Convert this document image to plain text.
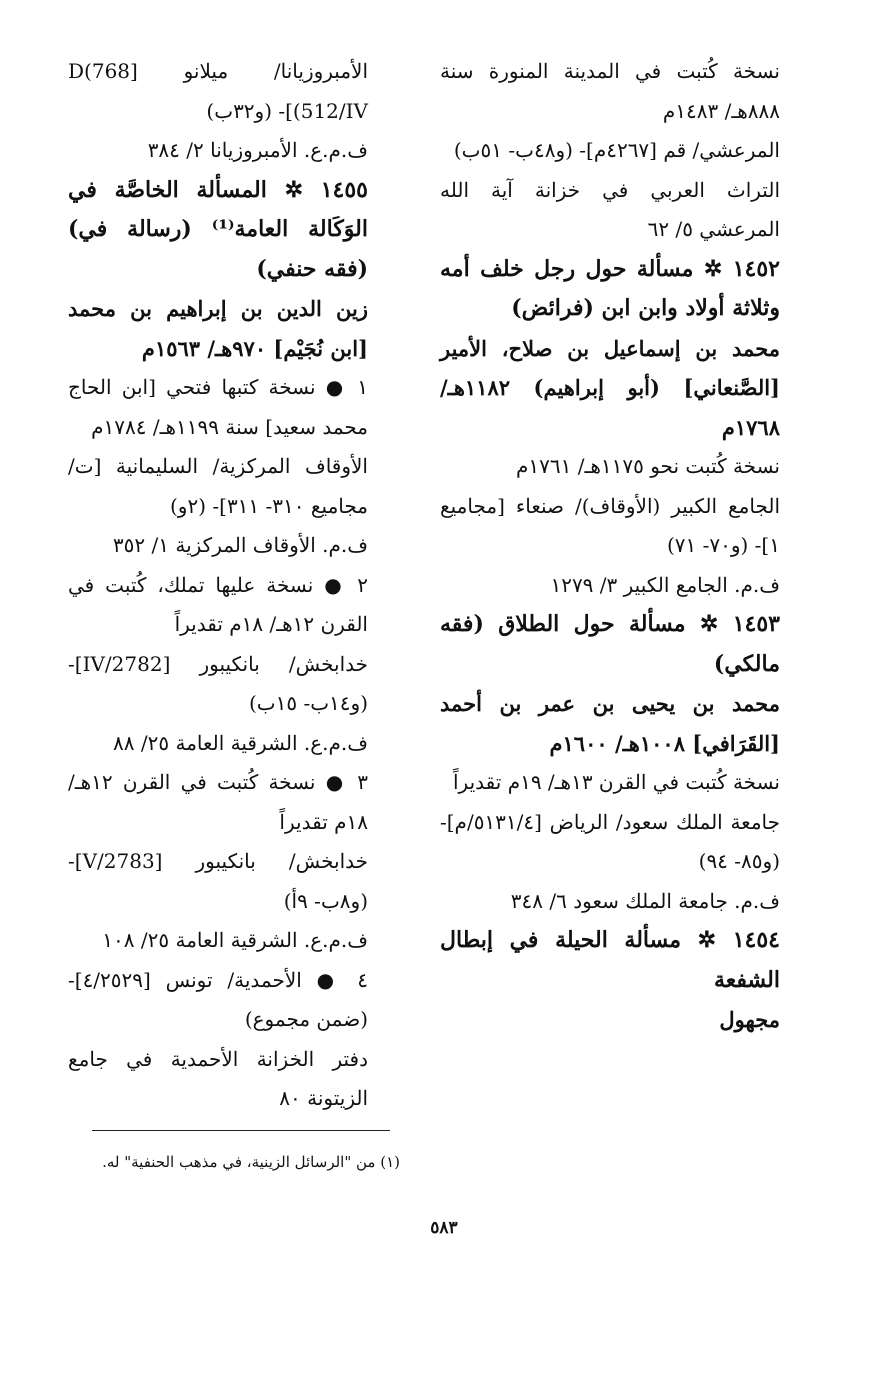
نسخة كُتبت في المدينة المنورة سنة ٨٨٨هـ/ ١٤٨٣م

المرعشي/ قم [٤٢٦٧م]- (و٤٨ب- ٥١ب)

التراث العربي في خزانة آية الله المرعشي ٥/ ٦٢

١٤٥٢ ✲ مسألة حول رجل خلف أمه وثلاثة أولاد وابن ابن (فرائض)

محمد بن إسماعيل بن صلاح، الأمير [الصَّنعاني] (أبو إبراهيم) ١١٨٢هـ/ ١٧٦٨م

نسخة كُتبت نحو ١١٧٥هـ/ ١٧٦١م

الجامع الكبير (الأوقاف)/ صنعاء [مجاميع ١]- (و٧٠- ٧١)

ف.م. الجامع الكبير ٣/ ١٢٧٩

١٤٥٣ ✲ مسألة حول الطلاق (فقه مالكي)

محمد بن يحيى بن عمر بن أحمد [القَرَافي] ١٠٠٨هـ/ ١٦٠٠م

نسخة كُتبت في القرن ١٣هـ/ ١٩م تقديراً

جامعة الملك سعود/ الرياض [٥١٣١/٤/م]- (و٨٥- ٩٤)

ف.م. جامعة الملك سعود ٦/ ٣٤٨

١٤٥٤ ✲ مسألة الحيلة في إبطال الشفعة

مجهول

الأمبروزيانا/ ميلانو [768)D 512/IV)]- (و٣٢ب)

ف.م.ع. الأمبروزيانا ٢/ ٣٨٤

١٤٥٥ ✲ المسألة الخاصَّة في الوَكَالة العامة⁽¹⁾ (رسالة في) (فقه حنفي)

زين الدين بن إبراهيم بن محمد [ابن نُجَيْم] ٩٧٠هـ/ ١٥٦٣م

١ ● نسخة كتبها فتحي [ابن الحاج محمد سعيد] سنة ١١٩٩هـ/ ١٧٨٤م

الأوقاف المركزية/ السليمانية [ت/مجاميع ٣١٠- ٣١١]- (٢و)

ف.م. الأوقاف المركزية ١/ ٣٥٢

٢ ● نسخة عليها تملك، كُتبت في القرن ١٢هـ/ ١٨م تقديراً

خدابخش/ بانكيبور [2782/IV]- (و١٤ب- ١٥ب)

ف.م.ع. الشرقية العامة ٢٥/ ٨٨

٣ ● نسخة كُتبت في القرن ١٢هـ/ ١٨م تقديراً

خدابخش/ بانكيبور [2783/V]- (و٨ب- ٩أ)

ف.م.ع. الشرقية العامة ٢٥/ ١٠٨

٤ ● الأحمدية/ تونس [٤/٢٥٢٩]- (ضمن مجموع)

دفتر الخزانة الأحمدية في جامع الزيتونة ٨٠

(١) من "الرسائل الزينية، في مذهب الحنفية" له.
٥٨٣
